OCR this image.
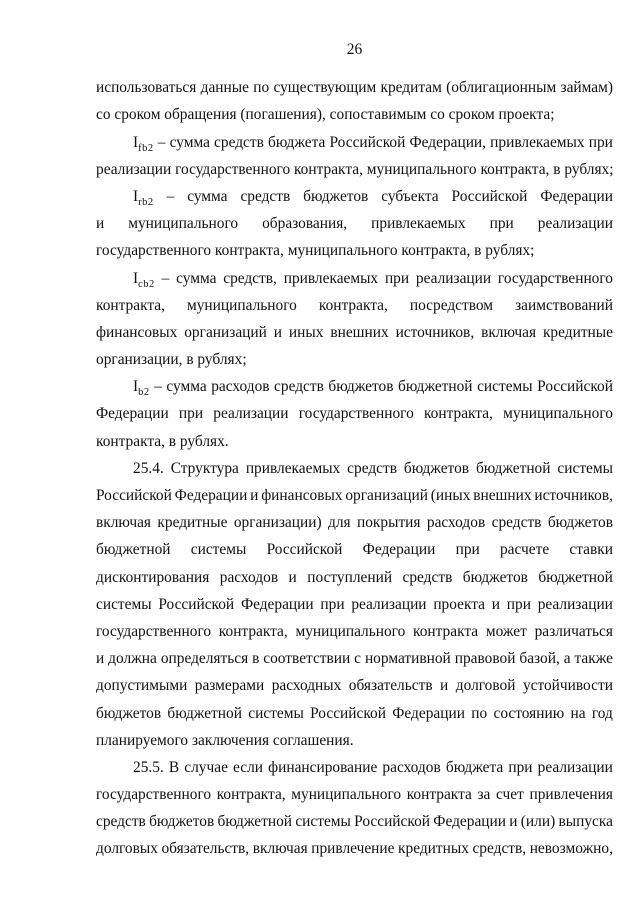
26
использоваться данные по существующим кредитам (облигационным займам)
со сроком обращения (погашения), сопоставимым со сроком проекта;
Ifb2 – сумма средств бюджета Российской Федерации, привлекаемых при
реализации государственного контракта, муниципального контракта, в рублях;
Irb2 – сумма средств бюджетов субъекта Российской Федерации
и муниципального образования, привлекаемых при реализации
государственного контракта, муниципального контракта, в рублях;
Icb2 – сумма средств, привлекаемых при реализации государственного
контракта, муниципального контракта, посредством заимствований
финансовых организаций и иных внешних источников, включая кредитные
организации, в рублях;
Ib2 – сумма расходов средств бюджетов бюджетной системы Российской
Федерации при реализации государственного контракта, муниципального
контракта, в рублях.
25.4. Структура привлекаемых средств бюджетов бюджетной системы
Российской Федерации и финансовых организаций (иных внешних источников,
включая кредитные организации) для покрытия расходов средств бюджетов
бюджетной системы Российской Федерации при расчете ставки
дисконтирования расходов и поступлений средств бюджетов бюджетной
системы Российской Федерации при реализации проекта и при реализации
государственного контракта, муниципального контракта может различаться
и должна определяться в соответствии с нормативной правовой базой, а также
допустимыми размерами расходных обязательств и долговой устойчивости
бюджетов бюджетной системы Российской Федерации по состоянию на год
планируемого заключения соглашения.
25.5. В случае если финансирование расходов бюджета при реализации
государственного контракта, муниципального контракта за счет привлечения
средств бюджетов бюджетной системы Российской Федерации и (или) выпуска
долговых обязательств, включая привлечение кредитных средств, невозможно,
